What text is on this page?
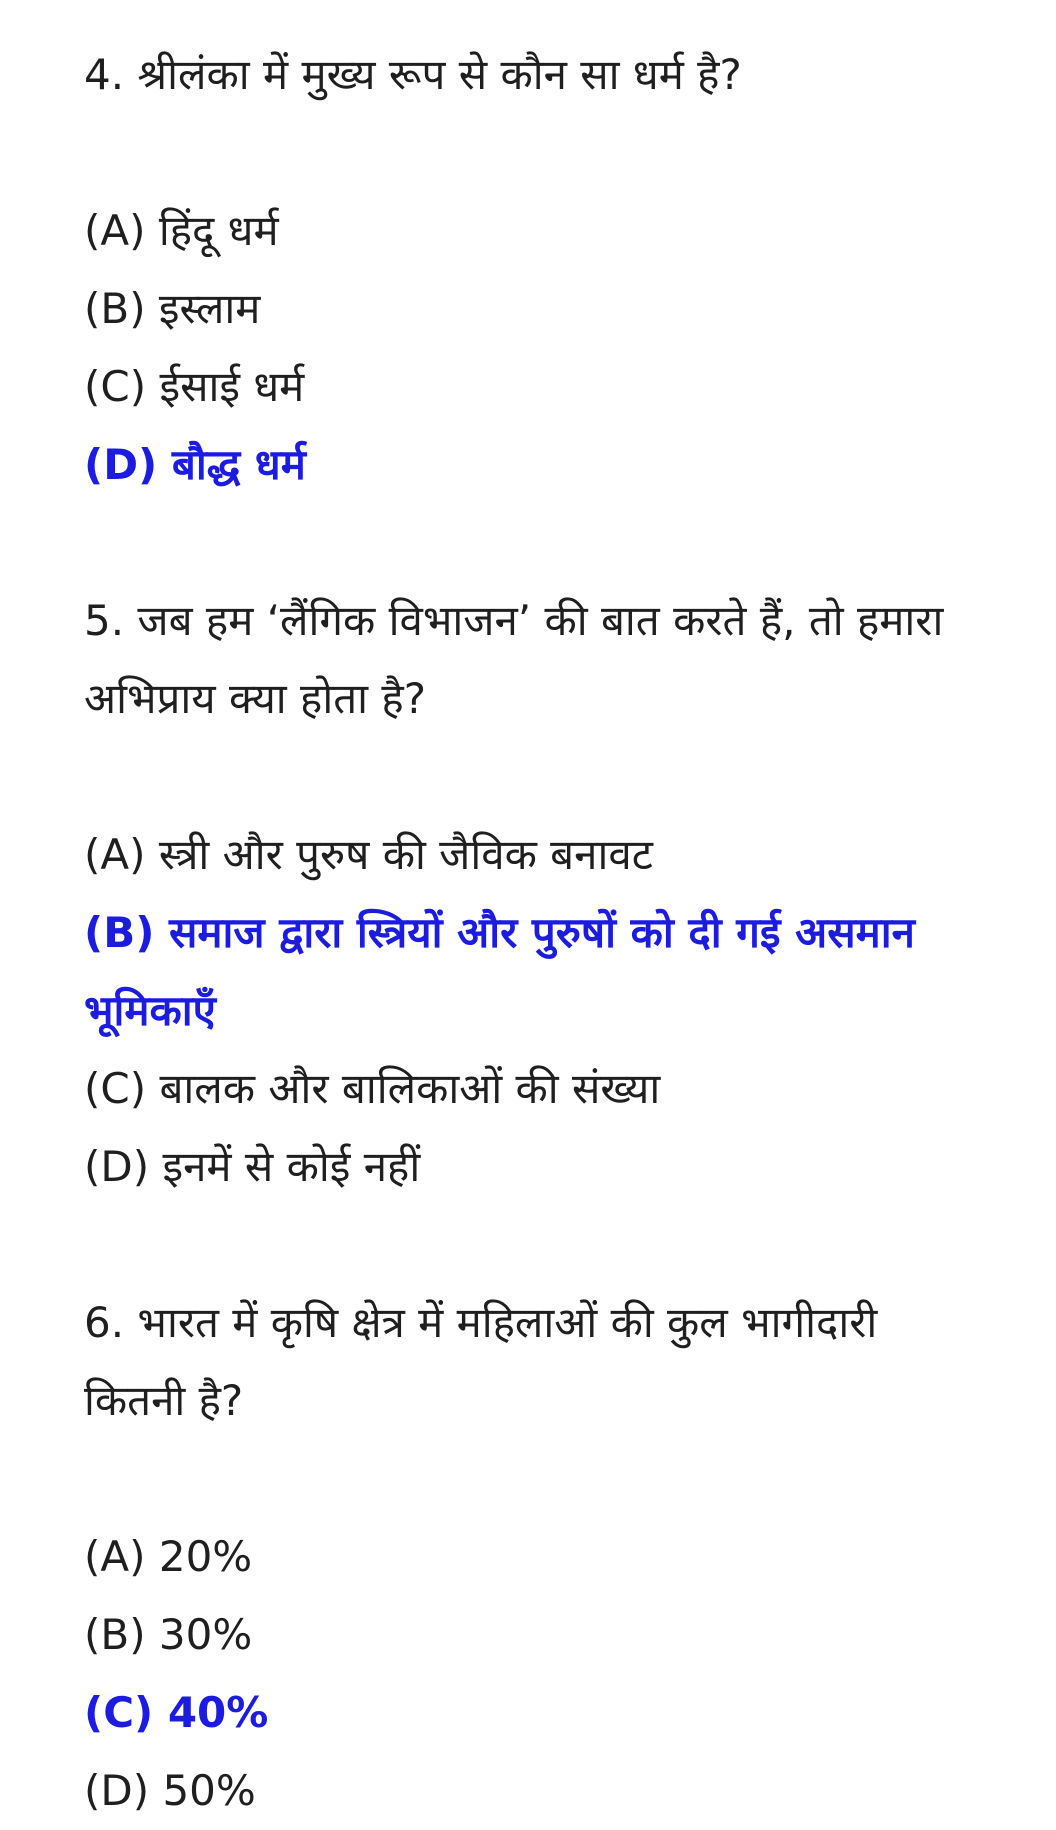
4. श्रीलंका में मुख्य रूप से कौन सा धर्म है?

(A) हिंदू धर्म

(B) इस्लाम

(C) ईसाई धर्म

(D) बौद्ध धर्म

5. जब हम ‘लैंगिक विभाजन’ की बात करते हैं, तो हमारा अभिप्राय क्या होता है?

(A) स्त्री और पुरुष की जैविक बनावट

(B) समाज द्वारा स्त्रियों और पुरुषों को दी गई असमान भूमिकाएँ

(C) बालक और बालिकाओं की संख्या

(D) इनमें से कोई नहीं

6. भारत में कृषि क्षेत्र में महिलाओं की कुल भागीदारी कितनी है?

(A) 20%

(B) 30%

(C) 40%

(D) 50%
